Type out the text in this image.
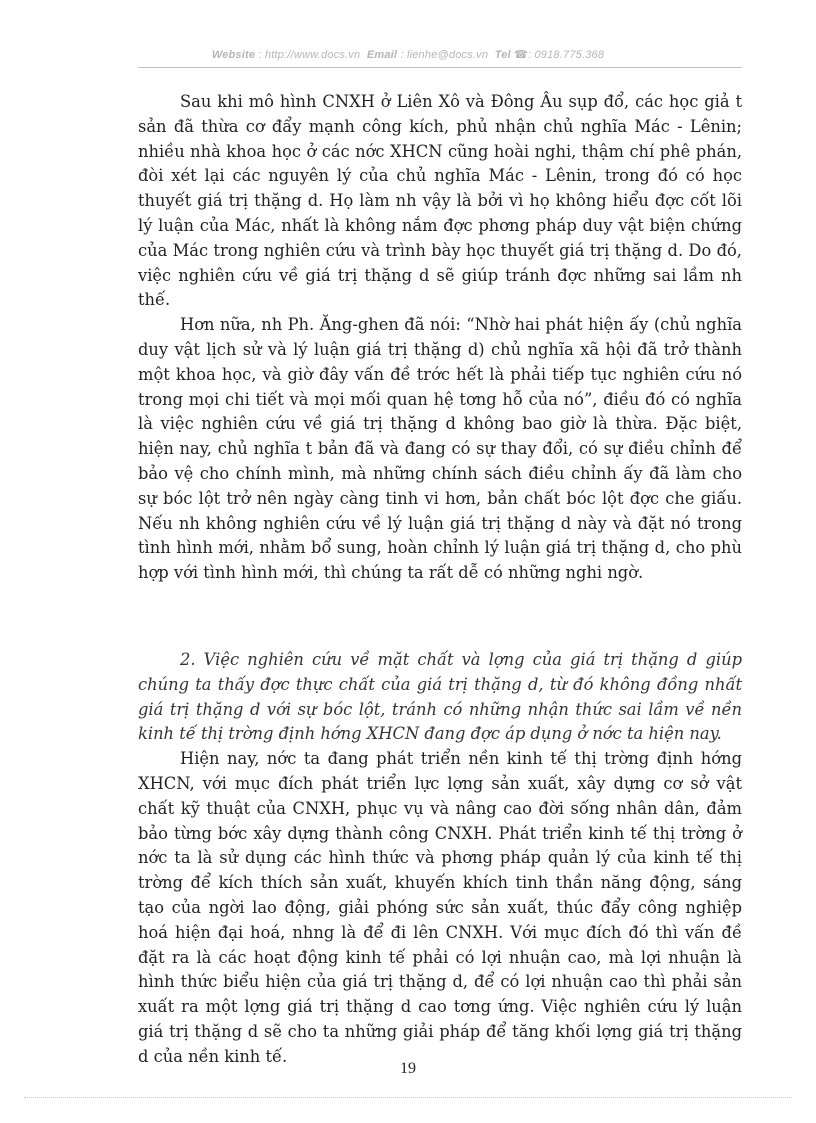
Website : http://www.docs.vn Email : lienhe@docs.vn Tel ☎: 0918.775.368

Sau khi mô hình CNXH ở Liên Xô và Đông Âu sụp đổ, các học giả t sản đã thừa cơ đẩy mạnh công kích, phủ nhận chủ nghĩa Mác - Lênin; nhiều nhà khoa học ở các nớc XHCN cũng hoài nghi, thậm chí phê phán, đòi xét lại các nguyên lý của chủ nghĩa Mác - Lênin, trong đó có học thuyết giá trị thặng d. Họ làm nh vậy là bởi vì họ không hiểu đợc cốt lõi lý luận của Mác, nhất là không nắm đợc phơng pháp duy vật biện chứng của Mác trong nghiên cứu và trình bày học thuyết giá trị thặng d. Do đó, việc nghiên cứu về giá trị thặng d sẽ giúp tránh đợc những sai lầm nh thế.

Hơn nữa, nh Ph. Ăng-ghen đã nói: “Nhờ hai phát hiện ấy (chủ nghĩa duy vật lịch sử và lý luận giá trị thặng d) chủ nghĩa xã hội đã trở thành một khoa học, và giờ đây vấn đề trớc hết là phải tiếp tục nghiên cứu nó trong mọi chi tiết và mọi mối quan hệ tơng hỗ của nó”, điều đó có nghĩa là việc nghiên cứu về giá trị thặng d không bao giờ là thừa. Đặc biệt, hiện nay, chủ nghĩa t bản đã và đang có sự thay đổi, có sự điều chỉnh để bảo vệ cho chính mình, mà những chính sách điều chỉnh ấy đã làm cho sự bóc lột trở nên ngày càng tinh vi hơn, bản chất bóc lột đợc che giấu. Nếu nh không nghiên cứu về lý luận giá trị thặng d này và đặt nó trong tình hình mới, nhằm bổ sung, hoàn chỉnh lý luận giá trị thặng d, cho phù hợp với tình hình mới, thì chúng ta rất dễ có những nghi ngờ.

2. Việc nghiên cứu về mặt chất và lợng của giá trị thặng d giúp chúng ta thấy đợc thực chất của giá trị thặng d, từ đó không đồng nhất giá trị thặng d với sự bóc lột, tránh có những nhận thức sai lầm về nền kinh tế thị trờng định hớng XHCN đang đợc áp dụng ở nớc ta hiện nay.

Hiện nay, nớc ta đang phát triển nền kinh tế thị trờng định hớng XHCN, với mục đích phát triển lực lợng sản xuất, xây dựng cơ sở vật chất kỹ thuật của CNXH, phục vụ và nâng cao đời sống nhân dân, đảm bảo từng bớc xây dựng thành công CNXH. Phát triển kinh tế thị trờng ở nớc ta là sử dụng các hình thức và phơng pháp quản lý của kinh tế thị trờng để kích thích sản xuất, khuyến khích tinh thần năng động, sáng tạo của ngời lao động, giải phóng sức sản xuất, thúc đẩy công nghiệp hoá hiện đại hoá, nhng là để đi lên CNXH. Với mục đích đó thì vấn đề đặt ra là các hoạt động kinh tế phải có lợi nhuận cao, mà lợi nhuận là hình thức biểu hiện của giá trị thặng d, để có lợi nhuận cao thì phải sản xuất ra một lợng giá trị thặng d cao tơng ứng. Việc nghiên cứu lý luận giá trị thặng d sẽ cho ta những giải pháp để tăng khối lợng giá trị thặng d của nền kinh tế.

19
